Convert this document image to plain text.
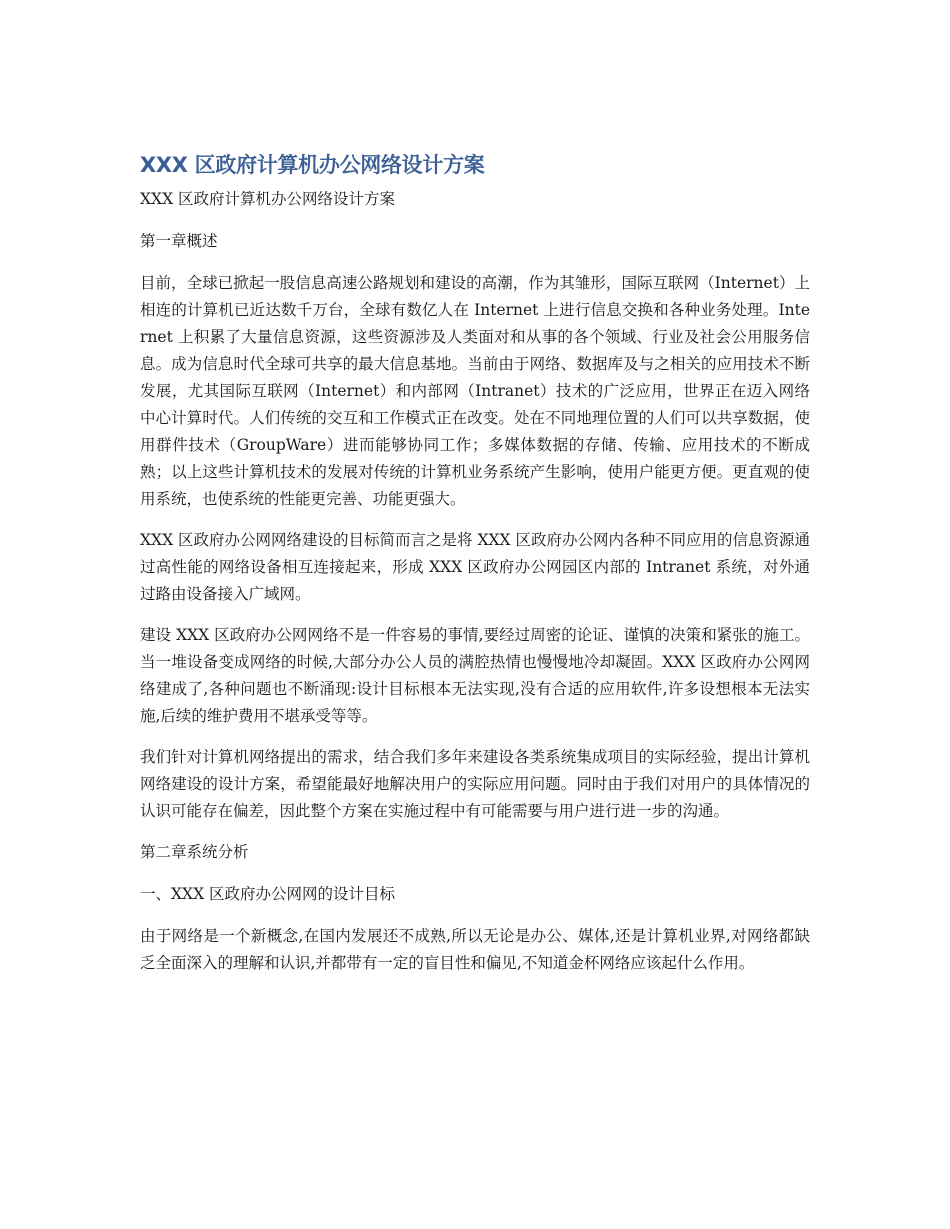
XXX 区政府计算机办公网络设计方案

XXX 区政府计算机办公网络设计方案

第一章概述

目前，全球已掀起一股信息高速公路规划和建设的高潮，作为其雏形，国际互联网（Internet）上相连的计算机已近达数千万台，全球有数亿人在 Internet 上进行信息交换和各种业务处理。Internet 上积累了大量信息资源，这些资源涉及人类面对和从事的各个领域、行业及社会公用服务信息。成为信息时代全球可共享的最大信息基地。当前由于网络、数据库及与之相关的应用技术不断发展，尤其国际互联网（Internet）和内部网（Intranet）技术的广泛应用，世界正在迈入网络中心计算时代。人们传统的交互和工作模式正在改变。处在不同地理位置的人们可以共享数据，使用群件技术（GroupWare）进而能够协同工作；多媒体数据的存储、传输、应用技术的不断成熟；以上这些计算机技术的发展对传统的计算机业务系统产生影响，使用户能更方便。更直观的使用系统，也使系统的性能更完善、功能更强大。

XXX 区政府办公网网络建设的目标简而言之是将 XXX 区政府办公网内各种不同应用的信息资源通过高性能的网络设备相互连接起来，形成 XXX 区政府办公网园区内部的 Intranet 系统，对外通过路由设备接入广域网。

建设 XXX 区政府办公网网络不是一件容易的事情,要经过周密的论证、谨慎的决策和紧张的施工。当一堆设备变成网络的时候,大部分办公人员的满腔热情也慢慢地冷却凝固。XXX 区政府办公网网络建成了,各种问题也不断涌现:设计目标根本无法实现,没有合适的应用软件,许多设想根本无法实施,后续的维护费用不堪承受等等。

我们针对计算机网络提出的需求，结合我们多年来建设各类系统集成项目的实际经验，提出计算机网络建设的设计方案，希望能最好地解决用户的实际应用问题。同时由于我们对用户的具体情况的认识可能存在偏差，因此整个方案在实施过程中有可能需要与用户进行进一步的沟通。

第二章系统分析

一、XXX 区政府办公网网的设计目标

由于网络是一个新概念,在国内发展还不成熟,所以无论是办公、媒体,还是计算机业界,对网络都缺乏全面深入的理解和认识,并都带有一定的盲目性和偏见,不知道金杯网络应该起什么作用。
